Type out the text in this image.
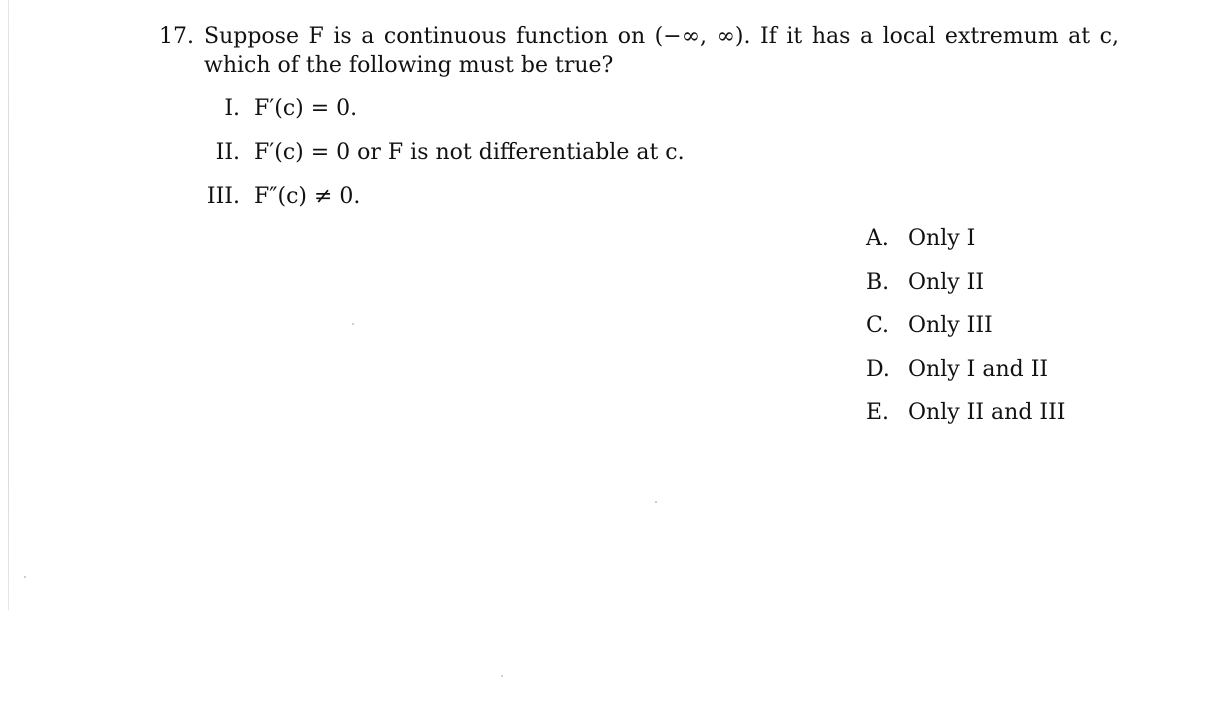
17. Suppose F is a continuous function on (−∞, ∞). If it has a local extremum at c, which of the following must be true?
I. F′(c) = 0.
II. F′(c) = 0 or F is not differentiable at c.
III. F″(c) ≠ 0.
A. Only I
B. Only II
C. Only III
D. Only I and II
E. Only II and III
